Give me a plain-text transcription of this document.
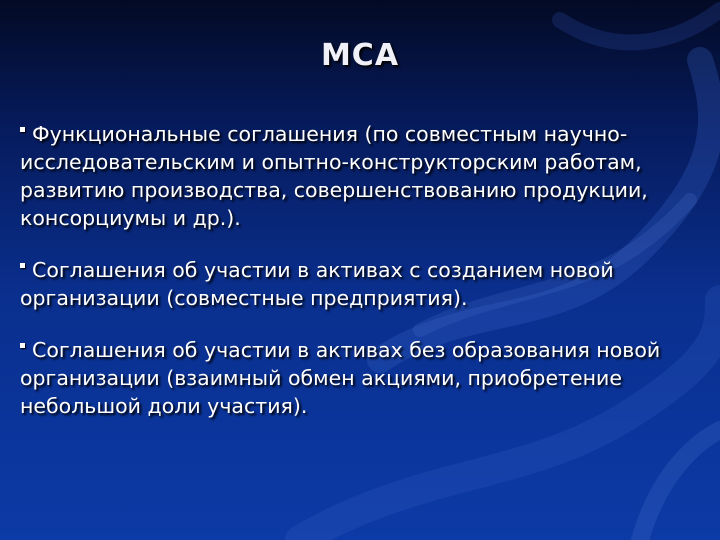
МСА
Функциональные соглашения (по совместным научно-исследовательским и опытно-конструкторским работам, развитию производства, совершенствованию продукции, консорциумы и др.).
Соглашения об участии в активах с созданием новой организации (совместные предприятия).
Соглашения об участии в активах без образования новой организации (взаимный обмен акциями, приобретение небольшой доли участия).
